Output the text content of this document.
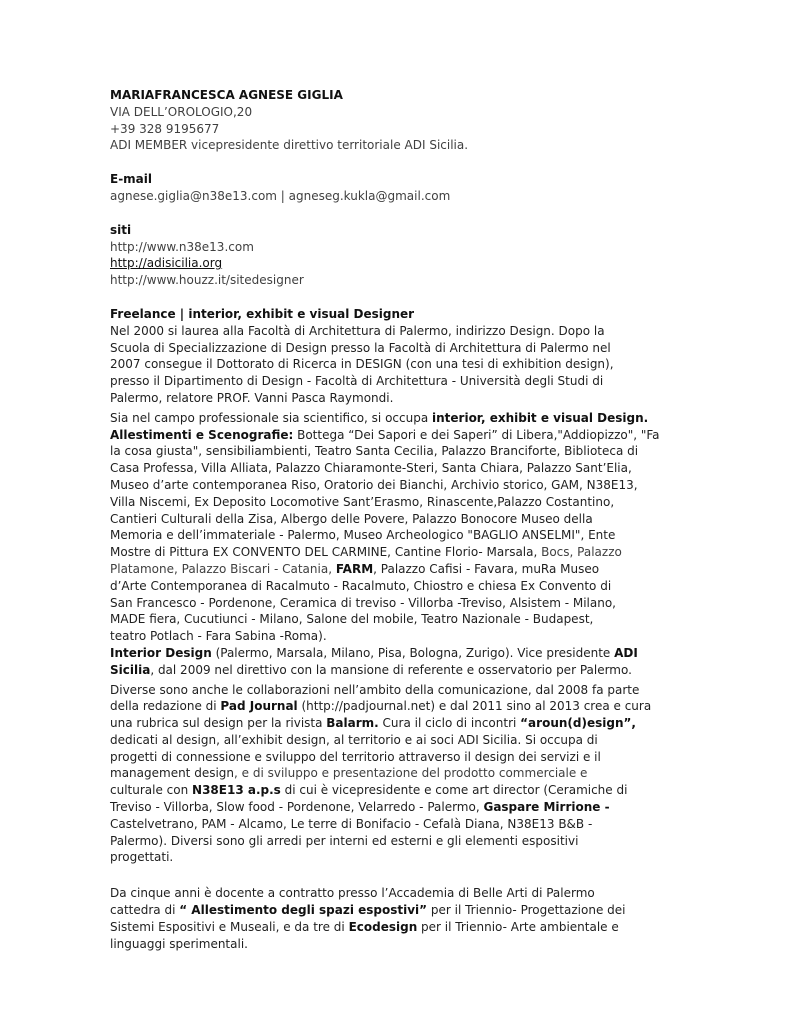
MARIAFRANCESCA AGNESE GIGLIA
VIA DELL’OROLOGIO,20
+39 328 9195677
ADI MEMBER vicepresidente direttivo territoriale ADI Sicilia.
E-mail
agnese.giglia@n38e13.com | agneseg.kukla@gmail.com
siti
http://www.n38e13.com
http://adisicilia.org
http://www.houzz.it/sitedesigner
Freelance | interior, exhibit e visual Designer
Nel 2000 si laurea alla Facoltà di Architettura di Palermo, indirizzo Design. Dopo la
Scuola di Specializzazione di Design presso la Facoltà di Architettura di Palermo nel
2007 consegue il Dottorato di Ricerca in DESIGN (con una tesi di exhibition design),
presso il Dipartimento di Design - Facoltà di Architettura - Università degli Studi di
Palermo, relatore PROF. Vanni Pasca Raymondi.
Sia nel campo professionale sia scientifico, si occupa interior, exhibit e visual Design.
Allestimenti e Scenografie: Bottega “Dei Sapori e dei Saperi” di Libera,"Addiopizzo", "Fa
la cosa giusta", sensibiliambienti, Teatro Santa Cecilia, Palazzo Branciforte, Biblioteca di
Casa Professa, Villa Alliata, Palazzo Chiaramonte-Steri, Santa Chiara, Palazzo Sant’Elia,
Museo d’arte contemporanea Riso, Oratorio dei Bianchi, Archivio storico, GAM, N38E13,
Villa Niscemi, Ex Deposito Locomotive Sant’Erasmo, Rinascente,Palazzo Costantino,
Cantieri Culturali della Zisa, Albergo delle Povere, Palazzo Bonocore Museo della
Memoria e dell’immateriale - Palermo, Museo Archeologico "BAGLIO ANSELMI", Ente
Mostre di Pittura EX CONVENTO DEL CARMINE, Cantine Florio- Marsala, Bocs, Palazzo
Platamone, Palazzo Biscari - Catania, FARM, Palazzo Cafisi - Favara, muRa Museo
d’Arte Contemporanea di Racalmuto - Racalmuto, Chiostro e chiesa Ex Convento di
San Francesco - Pordenone, Ceramica di treviso - Villorba -Treviso, Alsistem - Milano,
MADE fiera, Cucutiunci - Milano, Salone del mobile, Teatro Nazionale - Budapest,
teatro Potlach - Fara Sabina -Roma).
Interior Design (Palermo, Marsala, Milano, Pisa, Bologna, Zurigo). Vice presidente ADI
Sicilia, dal 2009 nel direttivo con la mansione di referente e osservatorio per Palermo.
Diverse sono anche le collaborazioni nell’ambito della comunicazione, dal 2008 fa parte
della redazione di Pad Journal (http://padjournal.net) e dal 2011 sino al 2013 crea e cura
una rubrica sul design per la rivista Balarm. Cura il ciclo di incontri “aroun(d)esign”,
dedicati al design, all’exhibit design, al territorio e ai soci ADI Sicilia. Si occupa di
progetti di connessione e sviluppo del territorio attraverso il design dei servizi e il
management design, e di sviluppo e presentazione del prodotto commerciale e
culturale con N38E13 a.p.s di cui è vicepresidente e come art director (Ceramiche di
Treviso - Villorba, Slow food - Pordenone, Velarredo - Palermo, Gaspare Mirrione -
Castelvetrano, PAM - Alcamo, Le terre di Bonifacio - Cefalà Diana, N38E13 B&B -
Palermo). Diversi sono gli arredi per interni ed esterni e gli elementi espositivi
progettati.
Da cinque anni è docente a contratto presso l’Accademia di Belle Arti di Palermo
cattedra di “ Allestimento degli spazi espostivi” per il Triennio- Progettazione dei
Sistemi Espositivi e Museali, e da tre di Ecodesign per il Triennio- Arte ambientale e
linguaggi sperimentali.
